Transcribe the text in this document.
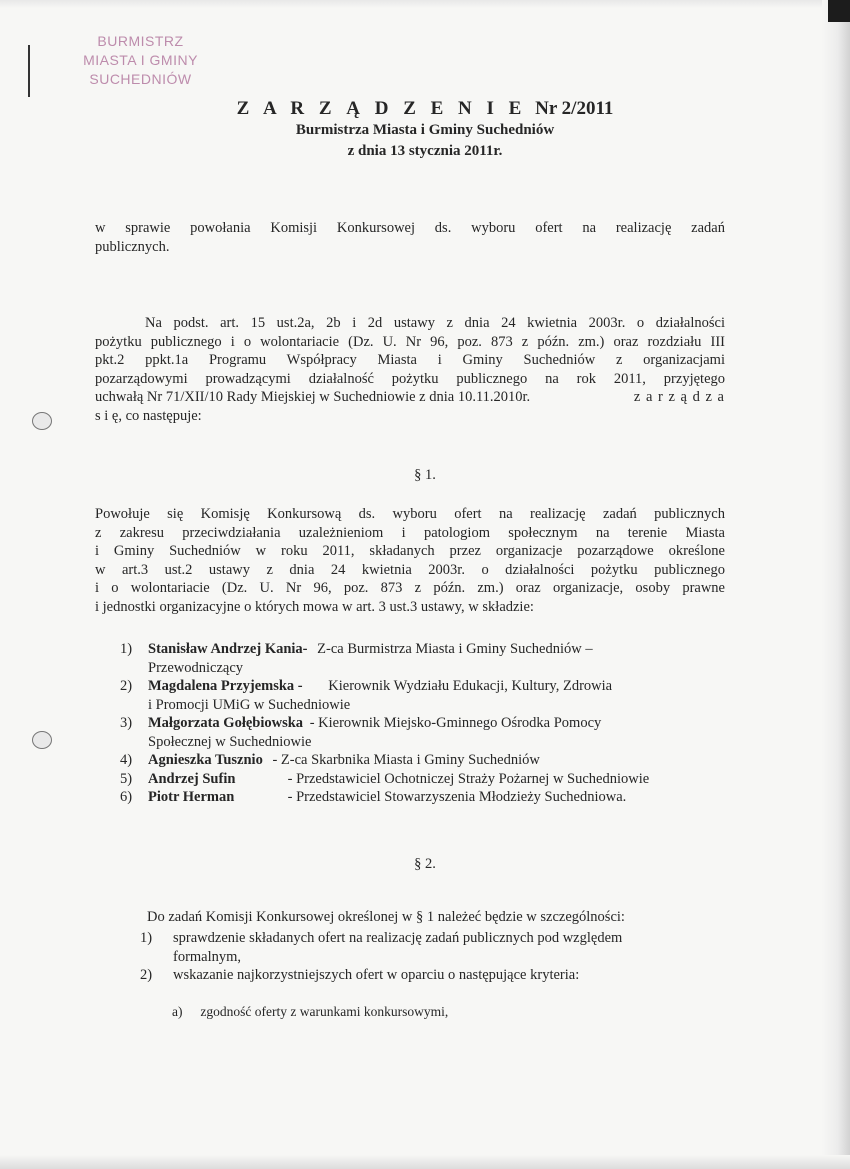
BURMISTRZ
MIASTA I GMINY
SUCHEDNIÓW
Z A R Z Ą D Z E N I E Nr 2/2011
Burmistrza Miasta i Gminy Suchedniów
z dnia 13 stycznia 2011r.
w sprawie powołania Komisji Konkursowej ds. wyboru ofert na realizację zadań
publicznych.
Na podst. art. 15 ust.2a, 2b i 2d ustawy z dnia 24 kwietnia 2003r. o działalności
pożytku publicznego i o wolontariacie (Dz. U. Nr 96, poz. 873 z późn. zm.) oraz rozdziału III
pkt.2 ppkt.1a Programu Współpracy Miasta i Gminy Suchedniów z organizacjami
pozarządowymi prowadzącymi działalność pożytku publicznego na rok 2011, przyjętego
uchwałą Nr 71/XII/10 Rady Miejskiej w Suchedniowie z dnia 10.11.2010r.	z a r z ą d z a
s i ę, co następuje:
§ 1.
Powołuje się Komisję Konkursową ds. wyboru ofert na realizację zadań publicznych
z zakresu przeciwdziałania uzależnieniom i patologiom społecznym na terenie Miasta
i Gminy Suchedniów w roku 2011, składanych przez organizacje pozarządowe określone
w art.3 ust.2 ustawy z dnia 24 kwietnia 2003r. o działalności pożytku publicznego
i o wolontariacie (Dz. U. Nr 96, poz. 873 z późn. zm.) oraz organizacje, osoby prawne
i jednostki organizacyjne o których mowa w art. 3 ust.3 ustawy, w składzie:
1) Stanisław Andrzej Kania- Z-ca Burmistrza Miasta i Gminy Suchedniów –
Przewodniczący
2) Magdalena Przyjemska - Kierownik Wydziału Edukacji, Kultury, Zdrowia
i Promocji UMiG w Suchedniowie
3) Małgorzata Gołębiowska - Kierownik Miejsko-Gminnego Ośrodka Pomocy
Społecznej w Suchedniowie
4) Agnieszka Tusznio - Z-ca Skarbnika Miasta i Gminy Suchedniów
5) Andrzej Sufin	- Przedstawiciel Ochotniczej Straży Pożarnej w Suchedniowie
6) Piotr Herman	- Przedstawiciel Stowarzyszenia Młodzieży Suchedniowa.
§ 2.
Do zadań Komisji Konkursowej określonej w § 1 należeć będzie w szczególności:
1) sprawdzenie składanych ofert na realizację zadań publicznych pod względem
formalnym,
2) wskazanie najkorzystniejszych ofert w oparciu o następujące kryteria:
a) zgodność oferty z warunkami konkursowymi,
